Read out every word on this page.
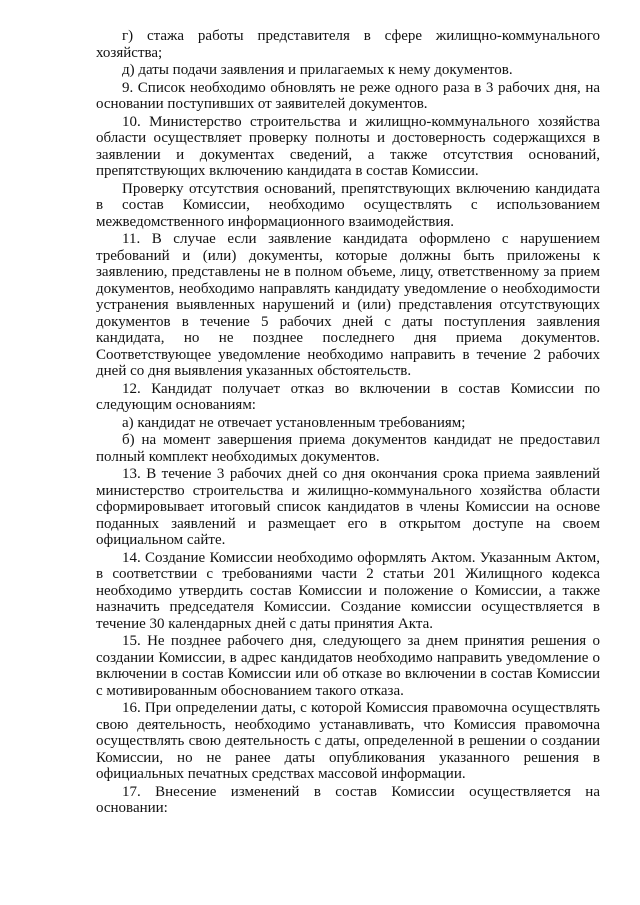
г) стажа работы представителя в сфере жилищно-коммунального хозяйства;

д) даты подачи заявления и прилагаемых к нему документов.

9. Список необходимо обновлять не реже одного раза в 3 рабочих дня, на основании поступивших от заявителей документов.

10. Министерство строительства и жилищно-коммунального хозяйства области осуществляет проверку полноты и достоверность содержащихся в заявлении и документах сведений, а также отсутствия оснований, препятствующих включению кандидата в состав Комиссии.

Проверку отсутствия оснований, препятствующих включению кандидата в состав Комиссии, необходимо осуществлять с использованием межведомственного информационного взаимодействия.

11. В случае если заявление кандидата оформлено с нарушением требований и (или) документы, которые должны быть приложены к заявлению, представлены не в полном объеме, лицу, ответственному за прием документов, необходимо направлять кандидату уведомление о необходимости устранения выявленных нарушений и (или) представления отсутствующих документов в течение 5 рабочих дней с даты поступления заявления кандидата, но не позднее последнего дня приема документов. Соответствующее уведомление необходимо направить в течение 2 рабочих дней со дня выявления указанных обстоятельств.

12. Кандидат получает отказ во включении в состав Комиссии по следующим основаниям:

а) кандидат не отвечает установленным требованиям;

б) на момент завершения приема документов кандидат не предоставил полный комплект необходимых документов.

13. В течение 3 рабочих дней со дня окончания срока приема заявлений министерство строительства и жилищно-коммунального хозяйства области сформировывает итоговый список кандидатов в члены Комиссии на основе поданных заявлений и размещает его в открытом доступе на своем официальном сайте.

14. Создание Комиссии необходимо оформлять Актом. Указанным Актом, в соответствии с требованиями части 2 статьи 201 Жилищного кодекса необходимо утвердить состав Комиссии и положение о Комиссии, а также назначить председателя Комиссии. Создание комиссии осуществляется в течение 30 календарных дней с даты принятия Акта.

15. Не позднее рабочего дня, следующего за днем принятия решения о создании Комиссии, в адрес кандидатов необходимо направить уведомление о включении в состав Комиссии или об отказе во включении в состав Комиссии с мотивированным обоснованием такого отказа.

16. При определении даты, с которой Комиссия правомочна осуществлять свою деятельность, необходимо устанавливать, что Комиссия правомочна осуществлять свою деятельность с даты, определенной в решении о создании Комиссии, но не ранее даты опубликования указанного решения в официальных печатных средствах массовой информации.

17. Внесение изменений в состав Комиссии осуществляется на основании:
